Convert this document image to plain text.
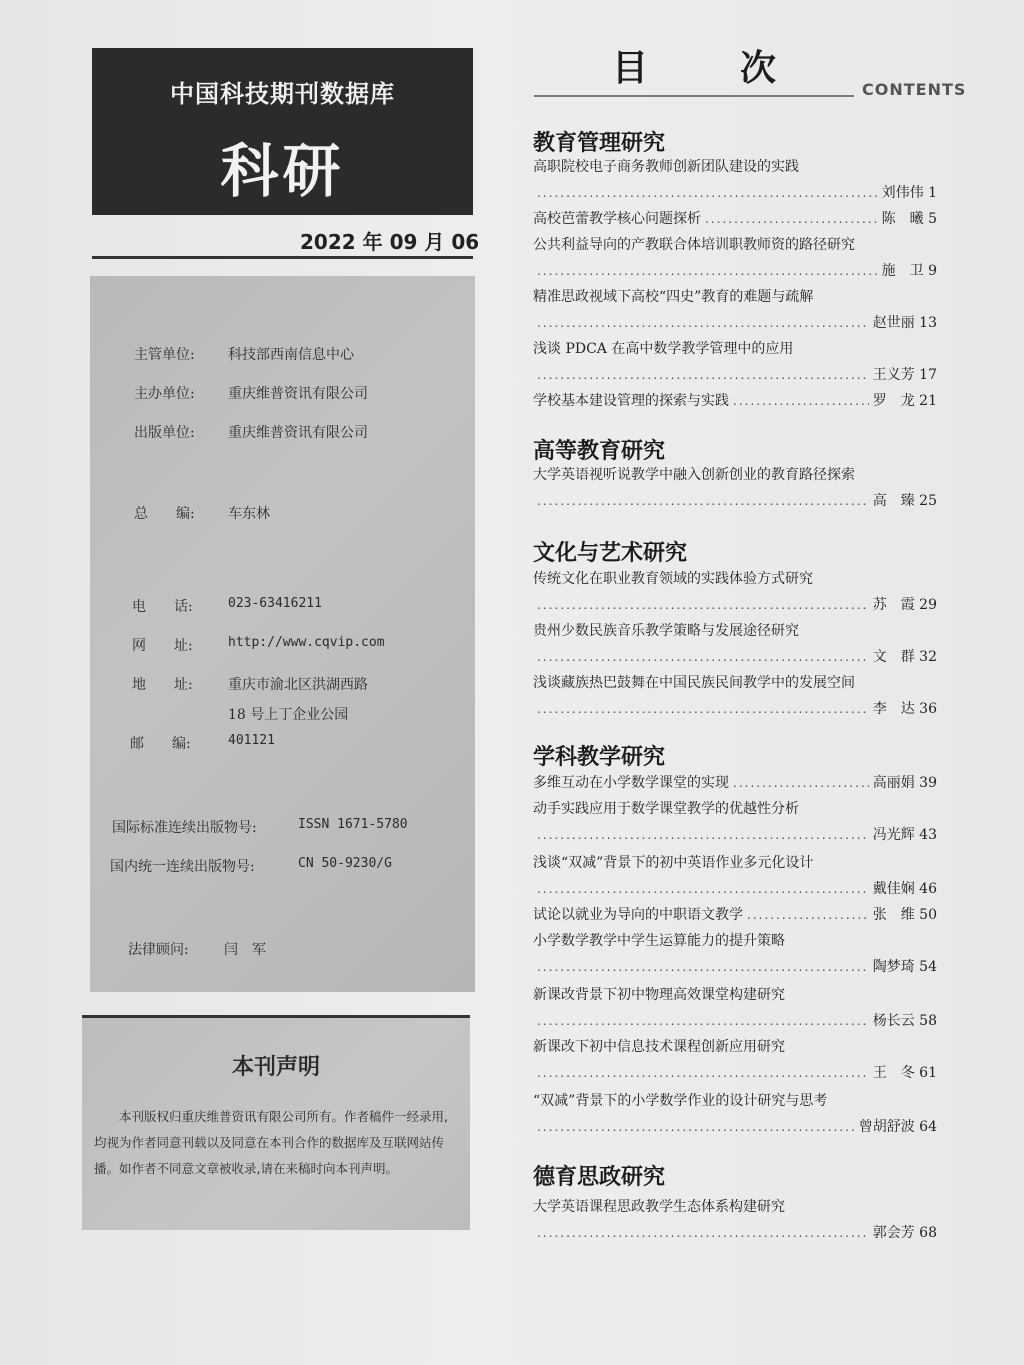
中国科技期刊数据库
科研
2022 年 09 月 06
主管单位: 科技部西南信息中心
主办单位: 重庆维普资讯有限公司
出版单位: 重庆维普资讯有限公司
总　　编: 车东林
电　　话:	023-63416211
网　　址:	http://www.cqvip.com
地　　址:	重庆市渝北区洪湖西路
18 号上丁企业公园
邮　　编:	401121
国际标准连续出版物号:	ISSN 1671-5780
国内统一连续出版物号:	CN 50-9230/G
法律顾问:	闫　军
本刊声明
本刊版权归重庆维普资讯有限公司所有。作者稿件一经录用,均视为作者同意刊载以及同意在本刊合作的数据库及互联网站传播。如作者不同意文章被收录,请在来稿时向本刊声明。
目　次
CONTENTS
教育管理研究
高职院校电子商务教师创新团队建设的实践
.....
刘伟伟 1
高校芭蕾教学核心问题探析 .....	陈　曦 5
公共利益导向的产教联合体培训职教师资的路径研究
.....
施　卫 9
精准思政视域下高校“四史”教育的难题与疏解
.....
赵世丽 13
浅谈 PDCA 在高中数学教学管理中的应用
.....
王义芳 17
学校基本建设管理的探索与实践 .....	罗　龙 21
高等教育研究
大学英语视听说教学中融入创新创业的教育路径探索
.....
高　臻 25
文化与艺术研究
传统文化在职业教育领域的实践体验方式研究
.....
苏　霞 29
贵州少数民族音乐教学策略与发展途径研究
.....
文　群 32
浅谈藏族热巴鼓舞在中国民族民间教学中的发展空间
.....
李　达 36
学科教学研究
多维互动在小学数学课堂的实现 .....	高丽娟 39
动手实践应用于数学课堂教学的优越性分析
.....
冯光辉 43
浅谈“双减”背景下的初中英语作业多元化设计
.....
戴佳娴 46
试论以就业为导向的中职语文教学 .....	张　维 50
小学数学教学中学生运算能力的提升策略
.....
陶梦琦 54
新课改背景下初中物理高效课堂构建研究
.....
杨长云 58
新课改下初中信息技术课程创新应用研究
.....
王　冬 61
“双减”背景下的小学数学作业的设计研究与思考
.....
曾胡舒波 64
德育思政研究
大学英语课程思政教学生态体系构建研究
.....
郭会芳 68
